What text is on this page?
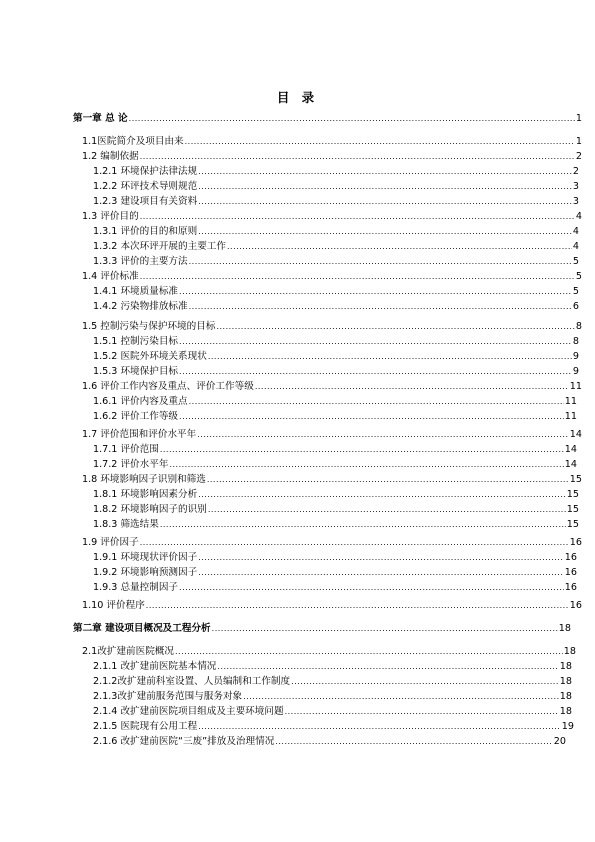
目 录
第一章 总 论 .....	1
1.1医院简介及项目由来 .....	1
1.2 编制依据 .....	2
1.2.1 环境保护法律法规 .....	2
1.2.2 环评技术导则规范 .....	3
1.2.3 建设项目有关资料 .....	3
1.3 评价目的 .....	4
1.3.1 评价的目的和原则 .....	4
1.3.2 本次环评开展的主要工作 .....	4
1.3.3 评价的主要方法 .....	5
1.4 评价标准 .....	5
1.4.1 环境质量标准 .....	5
1.4.2 污染物排放标准 .....	6
1.5 控制污染与保护环境的目标 .....	8
1.5.1 控制污染目标 .....	8
1.5.2 医院外环境关系现状 .....	9
1.5.3 环境保护目标 .....	9
1.6 评价工作内容及重点、评价工作等级 .....	11
1.6.1 评价内容及重点 .....	11
1.6.2 评价工作等级 .....	11
1.7 评价范围和评价水平年 .....	14
1.7.1 评价范围 .....	14
1.7.2 评价水平年 .....	14
1.8 环境影响因子识别和筛选 .....	15
1.8.1 环境影响因素分析 .....	15
1.8.2 环境影响因子的识别 .....	15
1.8.3 筛选结果 .....	15
1.9 评价因子 .....	16
1.9.1 环境现状评价因子 .....	16
1.9.2 环境影响预测因子 .....	16
1.9.3 总量控制因子 .....	16
1.10 评价程序 .....	16
第二章 建设项目概况及工程分析 .....	18
2.1改扩建前医院概况 .....	18
2.1.1 改扩建前医院基本情况 .....	18
2.1.2改扩建前科室设置、人员编制和工作制度 .....	18
2.1.3改扩建前服务范围与服务对象 .....	18
2.1.4 改扩建前医院项目组成及主要环境问题 .....	18
2.1.5 医院现有公用工程 .....	19
2.1.6 改扩建前医院“三废”排放及治理情况 .....	20
